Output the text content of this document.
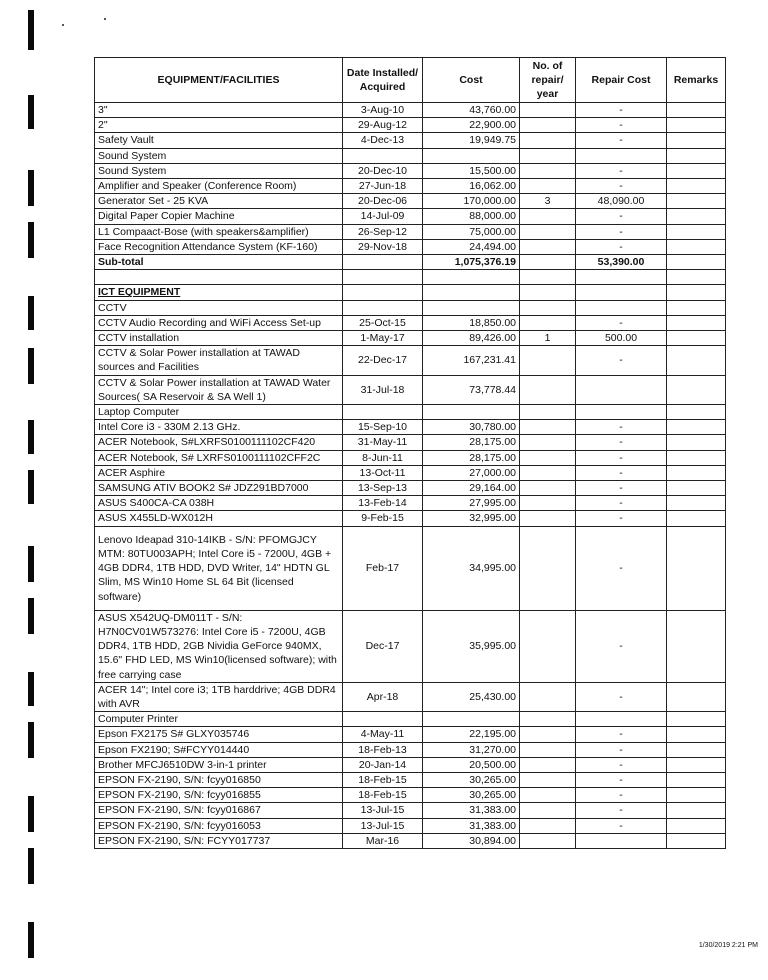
EQUIPMENT/FACILITIES	Date Installed/ Acquired	Cost	No. of repair/ year	Repair Cost	Remarks
3"	3-Aug-10	43,760.00		-	
2"	29-Aug-12	22,900.00		-	
Safety Vault	4-Dec-13	19,949.75		-	
Sound System					
Sound System	20-Dec-10	15,500.00		-	
Amplifier and Speaker (Conference Room)	27-Jun-18	16,062.00		-	
Generator Set - 25 KVA	20-Dec-06	170,000.00	3	48,090.00	
Digital Paper Copier Machine	14-Jul-09	88,000.00		-	
L1 Compaact-Bose (with speakers&amplifier)	26-Sep-12	75,000.00		-	
Face Recognition Attendance System (KF-160)	29-Nov-18	24,494.00		-	
Sub-total		1,075,376.19		53,390.00	

ICT EQUIPMENT					
CCTV					
CCTV Audio Recording and WiFi Access Set-up	25-Oct-15	18,850.00		-	
CCTV installation	1-May-17	89,426.00	1	500.00	
CCTV & Solar Power installation at TAWAD sources and Facilities	22-Dec-17	167,231.41		-	
CCTV & Solar Power installation at TAWAD Water Sources( SA Reservoir & SA Well 1)	31-Jul-18	73,778.44			
Laptop Computer					
Intel Core i3 - 330M 2.13 GHz.	15-Sep-10	30,780.00		-	
ACER Notebook, S#LXRFS0100111102CF420	31-May-11	28,175.00		-	
ACER Notebook, S# LXRFS0100111102CFF2C	8-Jun-11	28,175.00		-	
ACER Asphire	13-Oct-11	27,000.00		-	
SAMSUNG ATIV BOOK2 S# JDZ291BD7000	13-Sep-13	29,164.00		-	
ASUS S400CA-CA 038H	13-Feb-14	27,995.00		-	
ASUS X455LD-WX012H	9-Feb-15	32,995.00		-	
Lenovo Ideapad 310-14IKB - S/N: PFOMGJCY MTM: 80TU003APH; Intel Core i5 - 7200U, 4GB + 4GB DDR4, 1TB HDD, DVD Writer, 14" HDTN GL Slim, MS Win10 Home SL 64 Bit (licensed software)	Feb-17	34,995.00		-	
ASUS X542UQ-DM011T - S/N: H7N0CV01W573276: Intel Core i5 - 7200U, 4GB DDR4, 1TB HDD, 2GB Nividia GeForce 940MX, 15.6" FHD LED, MS Win10(licensed software); with free carrying case	Dec-17	35,995.00		-	
ACER 14"; Intel core i3; 1TB harddrive; 4GB DDR4 with AVR	Apr-18	25,430.00		-	
Computer Printer					
Epson FX2175 S# GLXY035746	4-May-11	22,195.00		-	
Epson FX2190; S#FCYY014440	18-Feb-13	31,270.00		-	
Brother MFCJ6510DW 3-in-1 printer	20-Jan-14	20,500.00		-	
EPSON FX-2190, S/N: fcyy016850	18-Feb-15	30,265.00		-	
EPSON FX-2190, S/N: fcyy016855	18-Feb-15	30,265.00		-	
EPSON FX-2190, S/N: fcyy016867	13-Jul-15	31,383.00		-	
EPSON FX-2190, S/N: fcyy016053	13-Jul-15	31,383.00		-	
EPSON FX-2190, S/N: FCYY017737	Mar-16	30,894.00			
1/30/2019 2:21 PM
